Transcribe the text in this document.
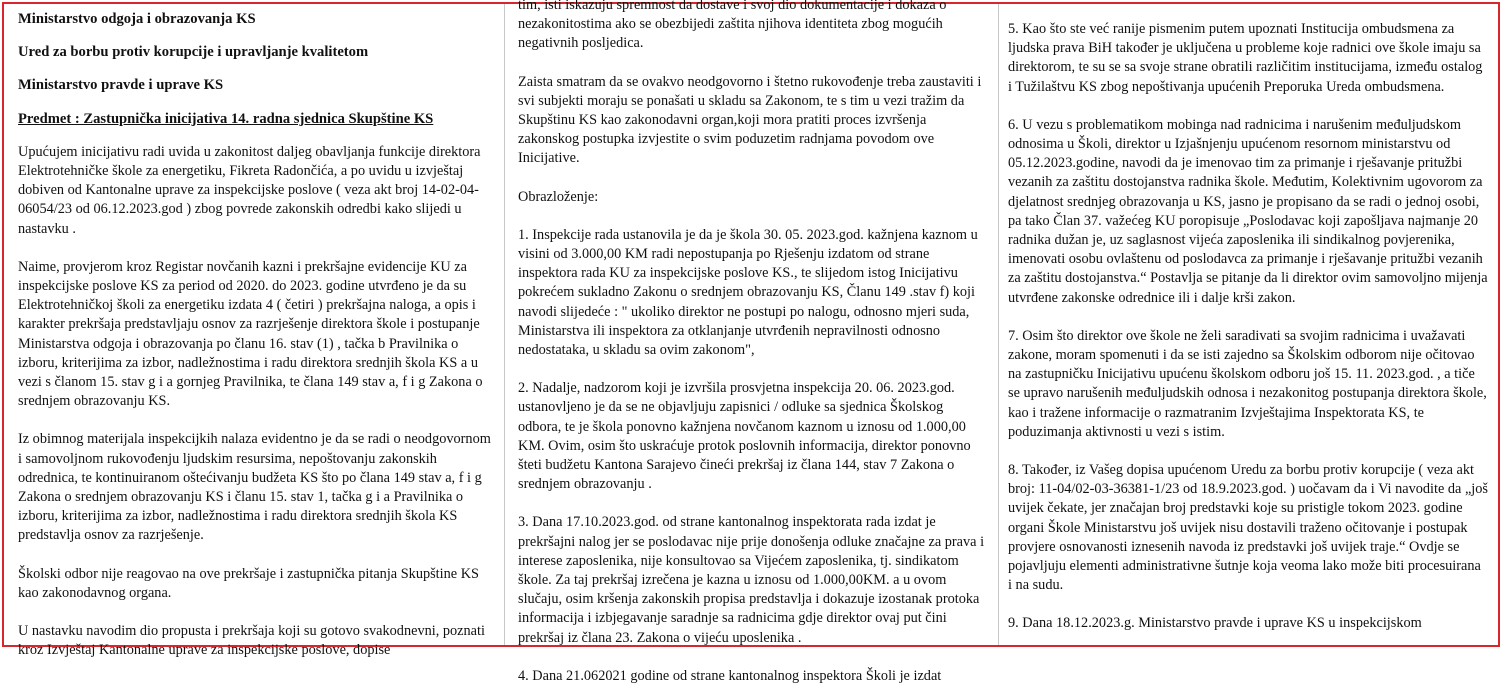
Ministarstvo odgoja i obrazovanja KS
Ured za borbu protiv korupcije i upravljanje kvalitetom
Ministarstvo pravde i uprave KS
Predmet : Zastupnička inicijativa 14. radna sjednica Skupštine KS

Upućujem inicijativu radi uvida u zakonitost daljeg obavljanja funkcije direktora Elektrotehničke škole za energetiku, Fikreta Radončića, a po uvidu u izvještaj dobiven od Kantonalne uprave za inspekcijske poslove ( veza akt broj 14-02-04-06054/23 od 06.12.2023.god ) zbog povrede zakonskih odredbi kako slijedi u nastavku .

Naime, provjerom kroz Registar novčanih kazni i prekršajne evidencije KU za inspekcijske poslove KS za period od 2020. do 2023. godine utvrđeno je da su Elektrotehničkoj školi za energetiku izdata 4 ( četiri ) prekršajna naloga, a opis i karakter prekršaja predstavljaju osnov za razrješenje direktora škole i postupanje Ministarstva odgoja i obrazovanja po članu 16. stav (1) , tačka b Pravilnika o izboru, kriterijima za izbor, nadležnostima i radu direktora srednjih škola KS a u vezi s članom 15. stav g i a gornjeg Pravilnika, te člana 149 stav a, f i g Zakona o srednjem obrazovanju KS.

Iz obimnog materijala inspekcijkih nalaza evidentno je da se radi o neodgovornom i samovoljnom rukovođenju ljudskim resursima, nepoštovanju zakonskih odrednica, te kontinuiranom oštećivanju budžeta KS što po člana 149 stav a, f i g Zakona o srednjem obrazovanju KS i članu 15. stav 1, tačka g i a Pravilnika o izboru, kriterijima za izbor, nadležnostima i radu direktora srednjih škola KS predstavlja osnov za razrješenje.

Školski odbor nije reagovao na ove prekršaje i zastupnička pitanja Skupštine KS kao zakonodavnog organa.

U nastavku navodim dio propusta i prekršaja koji su gotovo svakodnevni, poznati kroz Izvještaj Kantonalne uprave za inspekcijske poslove, dopise

tim, isti iskazuju spremnost da dostave i svoj dio dokumentacije i dokaza o nezakonitostima ako se obezbijedi zaštita njihova identiteta zbog mogućih negativnih posljedica.

Zaista smatram da se ovakvo neodgovorno i štetno rukovođenje treba zaustaviti i svi subjekti moraju se ponašati u skladu sa Zakonom, te s tim u vezi tražim da Skupštinu KS kao zakonodavni organ,koji mora pratiti proces izvršenja zakonskog postupka izvjestite o svim poduzetim radnjama povodom ove Inicijative.

Obrazloženje:

1. Inspekcije rada ustanovila je da je škola 30. 05. 2023.god. kažnjena kaznom u visini od 3.000,00 KM radi nepostupanja po Rješenju izdatom od strane inspektora rada KU za inspekcijske poslove KS., te slijedom istog Inicijativu pokrećem sukladno Zakonu o srednjem obrazovanju KS, Članu 149 .stav f) koji navodi slijedeće : " ukoliko direktor ne postupi po nalogu, odnosno mjeri suda, Ministarstva ili inspektora za otklanjanje utvrđenih nepravilnosti odnosno nedostataka, u skladu sa ovim zakonom",

2. Nadalje, nadzorom koji je izvršila prosvjetna inspekcija 20. 06. 2023.god. ustanovljeno je da se ne objavljuju zapisnici / odluke sa sjednica Školskog odbora, te je škola ponovno kažnjena novčanom kaznom u iznosu od 1.000,00 KM. Ovim, osim što uskraćuje protok poslovnih informacija, direktor ponovno šteti budžetu Kantona Sarajevo čineći prekršaj iz člana 144, stav 7 Zakona o srednjem obrazovanju .

3. Dana 17.10.2023.god. od strane kantonalnog inspektorata rada izdat je prekršajni nalog jer se poslodavac nije prije donošenja odluke značajne za prava i interese zaposlenika, nije konsultovao sa Vijećem zaposlenika, tj. sindikatom škole. Za taj prekršaj izrečena je kazna u iznosu od 1.000,00KM. a u ovom slučaju, osim kršenja zakonskih propisa predstavlja i dokazuje izostanak protoka informacija i izbjegavanje saradnje sa radnicima gdje direktor ovaj put čini prekršaj iz člana 23. Zakona o vijeću uposlenika .

4. Dana 21.062021 godine od strane kantonalnog inspektora Školi je izdat

5. Kao što ste već ranije pismenim putem upoznati Institucija ombudsmena za ljudska prava BiH također je uključena u probleme koje radnici ove škole imaju sa direktorom, te su se sa svoje strane obratili različitim institucijama, između ostalog i Tužilaštvu KS zbog nepoštivanja upućenih Preporuka Ureda ombudsmena.

6. U vezu s problematikom mobinga nad radnicima i narušenim međuljudskom odnosima u Školi, direktor u Izjašnjenju upućenom resornom ministarstvu od 05.12.2023.godine, navodi da je imenovao tim za primanje i rješavanje pritužbi vezanih za zaštitu dostojanstva radnika škole. Međutim, Kolektivnim ugovorom za djelatnost srednjeg obrazovanja u KS, jasno je propisano da se radi o jednoj osobi, pa tako Član 37. važećeg KU poropisuje „Poslodavac koji zapošljava najmanje 20 radnika dužan je, uz saglasnost vijeća zaposlenika ili sindikalnog povjerenika, imenovati osobu ovlaštenu od poslodavca za primanje i rješavanje pritužbi vezanih za zaštitu dostojanstva.“ Postavlja se pitanje da li direktor ovim samovoljno mijenja utvrđene zakonske odrednice ili i dalje krši zakon.

7. Osim što direktor ove škole ne želi saradivati sa svojim radnicima i uvažavati zakone, moram spomenuti i da se isti zajedno sa Školskim odborom nije očitovao na zastupničku Inicijativu upućenu školskom odboru još 15. 11. 2023.god. , a tiče se upravo narušenih međuljudskih odnosa i nezakonitog postupanja direktora škole, kao i tražene informacije o razmatranim Izvještajima Inspektorata KS, te poduzimanja aktivnosti u vezi s istim.

8. Također, iz Vašeg dopisa upućenom Uredu za borbu protiv korupcije ( veza akt broj: 11-04/02-03-36381-1/23 od 18.9.2023.god. ) uočavam da i Vi navodite da „još uvijek čekate, jer značajan broj predstavki koje su pristigle tokom 2023. godine organi Škole Ministarstvu još uvijek nisu dostavili traženo očitovanje i postupak provjere osnovanosti iznesenih navoda iz predstavki još uvijek traje.“ Ovdje se pojavljuju elementi administrativne šutnje koja veoma lako može biti procesuirana i na sudu.

9. Dana 18.12.2023.g. Ministarstvo pravde i uprave KS u inspekcijskom
